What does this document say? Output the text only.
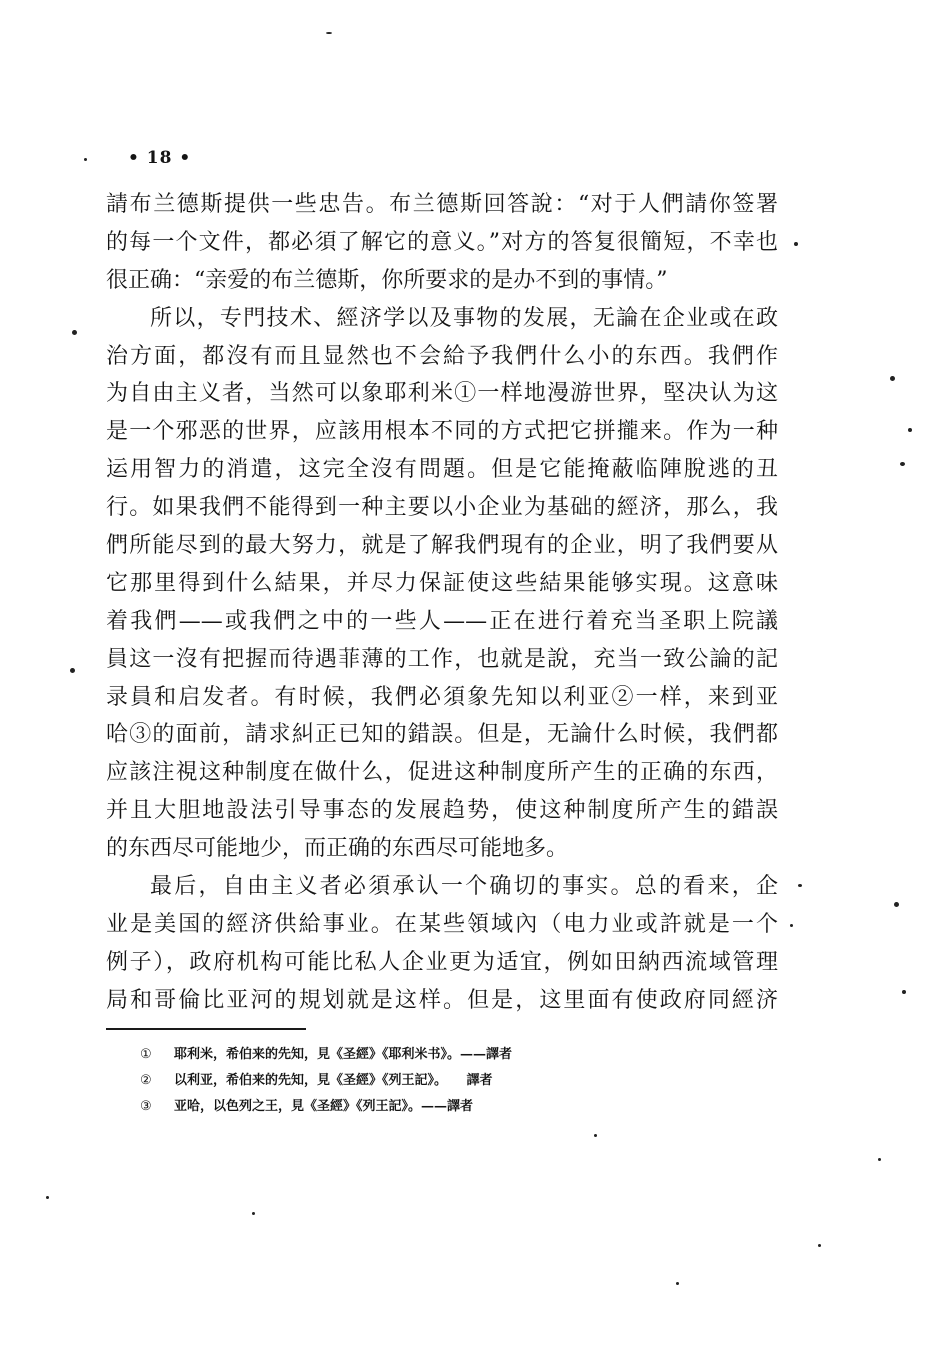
• 18 •
請布兰德斯提供一些忠告。布兰德斯回答說：“对于人們請你签署
的每一个文件，都必須了解它的意义。”对方的答复很簡短，不幸也
很正确：“亲爱的布兰德斯，你所要求的是办不到的事情。”
所以，专門技术、經济学以及事物的发展，无論在企业或在政
治方面，都沒有而且显然也不会給予我們什么小的东西。我們作
为自由主义者，当然可以象耶利米①一样地漫游世界，堅决认为这
是一个邪恶的世界，应該用根本不同的方式把它拼攏来。作为一种
运用智力的消遣，这完全沒有問題。但是它能掩蔽临陣脫逃的丑
行。如果我們不能得到一种主要以小企业为基础的經济，那么，我
們所能尽到的最大努力，就是了解我們現有的企业，明了我們要从
它那里得到什么結果，并尽力保証使这些結果能够实現。这意味
着我們——或我們之中的一些人——正在进行着充当圣职上院議
員这一沒有把握而待遇菲薄的工作，也就是說，充当一致公論的記
录員和启发者。有时候，我們必須象先知以利亚②一样，来到亚
哈③的面前，請求糾正已知的錯誤。但是，无論什么时候，我們都
应該注視这种制度在做什么，促进这种制度所产生的正确的东西，
并且大胆地設法引导事态的发展趋势，使这种制度所产生的錯誤
的东西尽可能地少，而正确的东西尽可能地多。
最后，自由主义者必須承认一个确切的事实。总的看来，企
业是美国的經济供給事业。在某些領域內（电力业或許就是一个
例子），政府机构可能比私人企业更为适宜，例如田納西流域管理
局和哥倫比亚河的規划就是这样。但是，这里面有使政府同經济
① 耶利米，希伯来的先知，見《圣經》《耶利米书》。——譯者
② 以利亚，希伯来的先知，見《圣經》《列王記》。　　譯者
③ 亚哈，以色列之王，見《圣經》《列王記》。——譯者
